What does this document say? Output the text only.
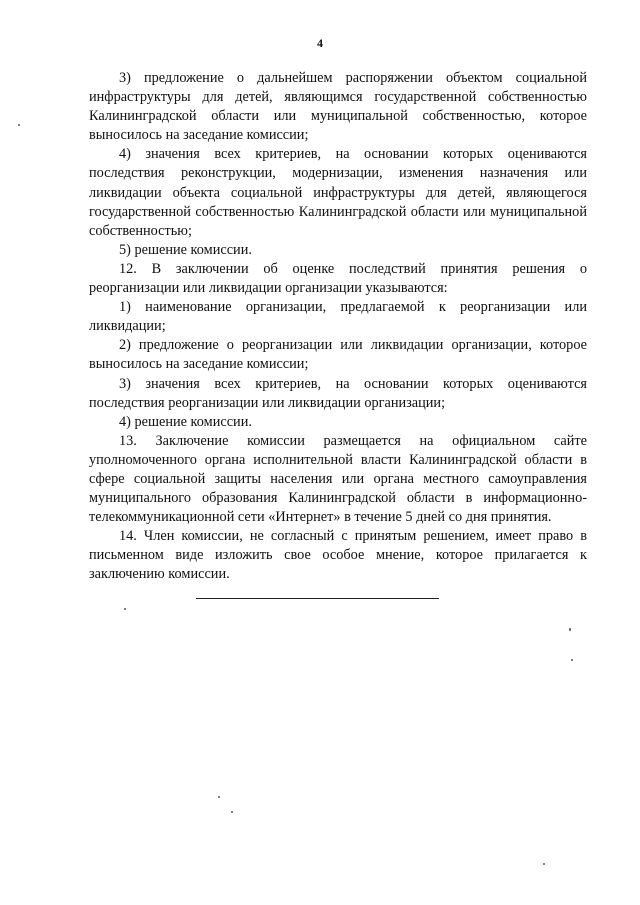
4

3) предложение о дальнейшем распоряжении объектом социальной инфраструктуры для детей, являющимся государственной собственностью Калининградской области или муниципальной собственностью, которое выносилось на заседание комиссии;

4) значения всех критериев, на основании которых оцениваются последствия реконструкции, модернизации, изменения назначения или ликвидации объекта социальной инфраструктуры для детей, являющегося государственной собственностью Калининградской области или муниципальной собственностью;

5) решение комиссии.

12. В заключении об оценке последствий принятия решения о реорганизации или ликвидации организации указываются:

1) наименование организации, предлагаемой к реорганизации или ликвидации;

2) предложение о реорганизации или ликвидации организации, которое выносилось на заседание комиссии;

3) значения всех критериев, на основании которых оцениваются последствия реорганизации или ликвидации организации;

4) решение комиссии.

13. Заключение комиссии размещается на официальном сайте уполномоченного органа исполнительной власти Калининградской области в сфере социальной защиты населения или органа местного самоуправления муниципального образования Калининградской области в информационно-телекоммуникационной сети «Интернет» в течение 5 дней со дня принятия.

14. Член комиссии, не согласный с принятым решением, имеет право в письменном виде изложить свое особое мнение, которое прилагается к заключению комиссии.
